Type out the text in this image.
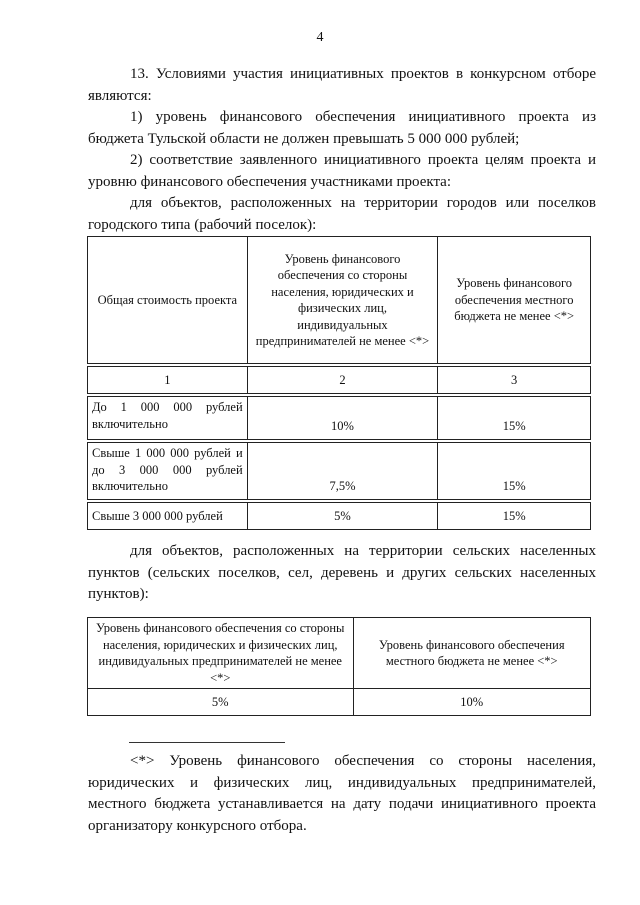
4

13. Условиями участия инициативных проектов в конкурсном отборе являются:

1) уровень финансового обеспечения инициативного проекта из бюджета Тульской области не должен превышать 5 000 000 рублей;

2) соответствие заявленного инициативного проекта целям проекта и уровню финансового обеспечения участниками проекта:

для объектов, расположенных на территории городов или поселков городского типа (рабочий поселок):

Общая стоимость проекта	Уровень финансового обеспечения со стороны населения, юридических и физических лиц, индивидуальных предпринимателей не менее <*>	Уровень финансового обеспечения местного бюджета не менее <*>

1	2	3

До 1 000 000 рублей включительно	10%	15%

Свыше 1 000 000 рублей и до 3 000 000 рублей включительно	7,5%	15%

Свыше 3 000 000 рублей	5%	15%

для объектов, расположенных на территории сельских населенных пунктов (сельских поселков, сел, деревень и других сельских населенных пунктов):

Уровень финансового обеспечения со стороны населения, юридических и физических лиц, индивидуальных предпринимателей не менее <*>	Уровень финансового обеспечения местного бюджета не менее <*>
5%	10%

<*> Уровень финансового обеспечения со стороны населения, юридических и физических лиц, индивидуальных предпринимателей, местного бюджета устанавливается на дату подачи инициативного проекта организатору конкурсного отбора.
